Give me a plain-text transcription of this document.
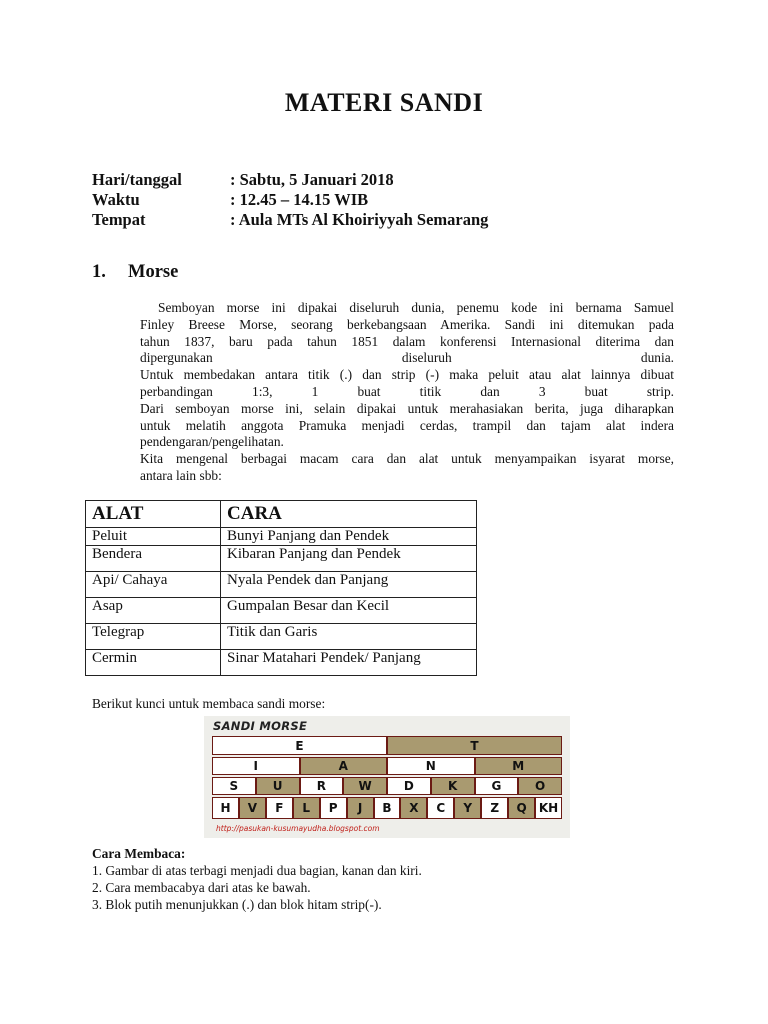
MATERI SANDI
Hari/tanggal	: Sabtu, 5 Januari 2018
Waktu	: 12.45 – 14.15 WIB
Tempat	: Aula MTs Al Khoiriyyah Semarang
1.	Morse

Semboyan morse ini dipakai diseluruh dunia, penemu kode ini bernama Samuel

Finley Breese Morse, seorang berkebangsaan Amerika. Sandi ini ditemukan pada

tahun 1837, baru pada tahun 1851 dalam konferensi Internasional diterima dan

dipergunakan diseluruh dunia.

Untuk membedakan antara titik (.) dan strip (-) maka peluit atau alat lainnya dibuat

perbandingan 1:3, 1 buat titik dan 3 buat strip.

Dari semboyan morse ini, selain dipakai untuk merahasiakan berita, juga diharapkan

untuk melatih anggota Pramuka menjadi cerdas, trampil dan tajam alat indera

pendengaran/pengelihatan.

Kita mengenal berbagai macam cara dan alat untuk menyampaikan isyarat morse,

antara lain sbb:

ALAT	CARA
Peluit	Bunyi Panjang dan Pendek
Bendera	Kibaran Panjang dan Pendek
Api/ Cahaya	Nyala Pendek dan Panjang
Asap	Gumpalan Besar dan Kecil
Telegrap	Titik dan Garis
Cermin	Sinar Matahari Pendek/ Panjang
Berikut kunci untuk membaca sandi morse:
SANDI MORSE
E	T
I	A	N	M
S	U	R	W	D	K	G	O
H	V	F	L	P	J	B	X	C	Y	Z	Q	KH
http://pasukan-kusumayudha.blogspot.com
Cara Membaca:
1. Gambar di atas terbagi menjadi dua bagian, kanan dan kiri.
2. Cara membacabya dari atas ke bawah.
3. Blok putih menunjukkan (.) dan blok hitam strip(-).
